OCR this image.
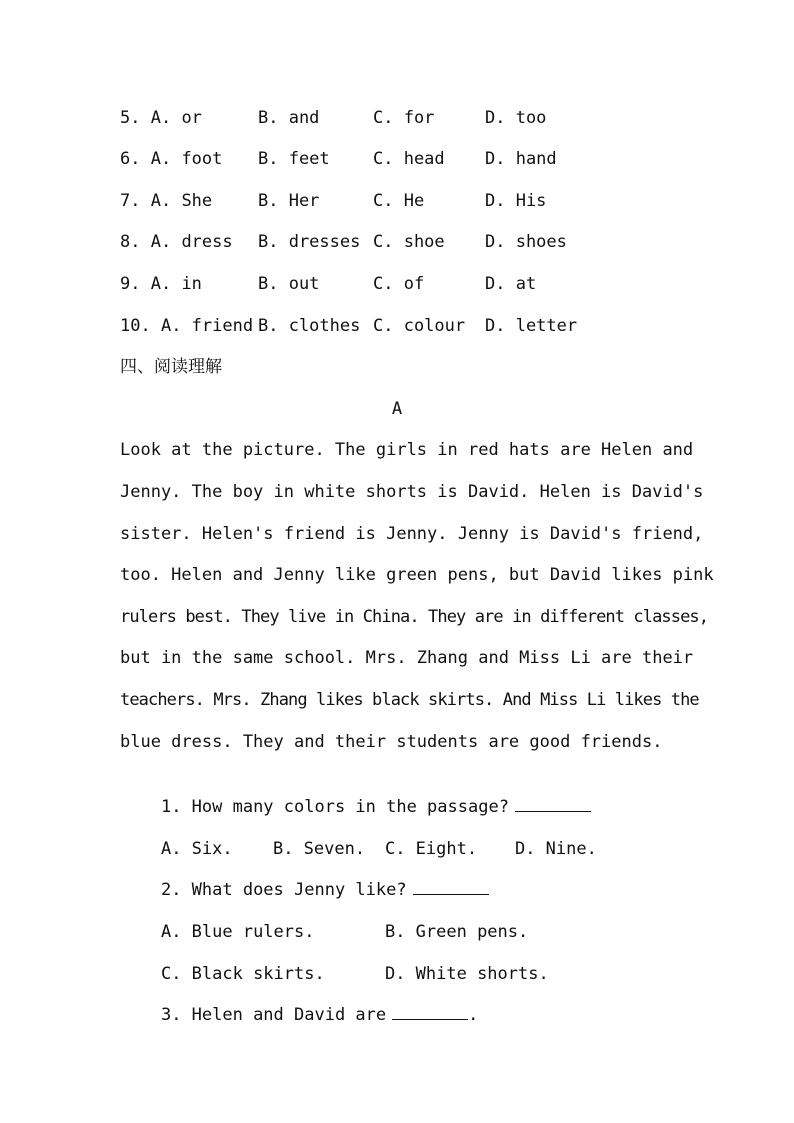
5. A. or	B. and	C. for	D. too
6. A. foot	B. feet	C. head	D. hand
7. A. She	B. Her	C. He	D. His
8. A. dress	B. dresses C. shoe	D. shoes
9. A. in	B. out	C. of	D. at
10. A. friend B. clothes C. colour	D. letter
四、阅读理解
A
Look at the picture. The girls in red hats are Helen and
Jenny. The boy in white shorts is David. Helen is David's
sister. Helen's friend is Jenny. Jenny is David's friend,
too. Helen and Jenny like green pens, but David likes pink
rulers best. They live in China. They are in different classes,
but in the same school. Mrs. Zhang and Miss Li are their
teachers. Mrs. Zhang likes black skirts. And Miss Li likes the
blue dress. They and their students are good friends.

1. How many colors in the passage?

A. Six. B. Seven. C. Eight. D. Nine.

2. What does Jenny like?

A. Blue rulers.	B. Green pens.

C. Black skirts.	D. White shorts.

3. Helen and David are	.
